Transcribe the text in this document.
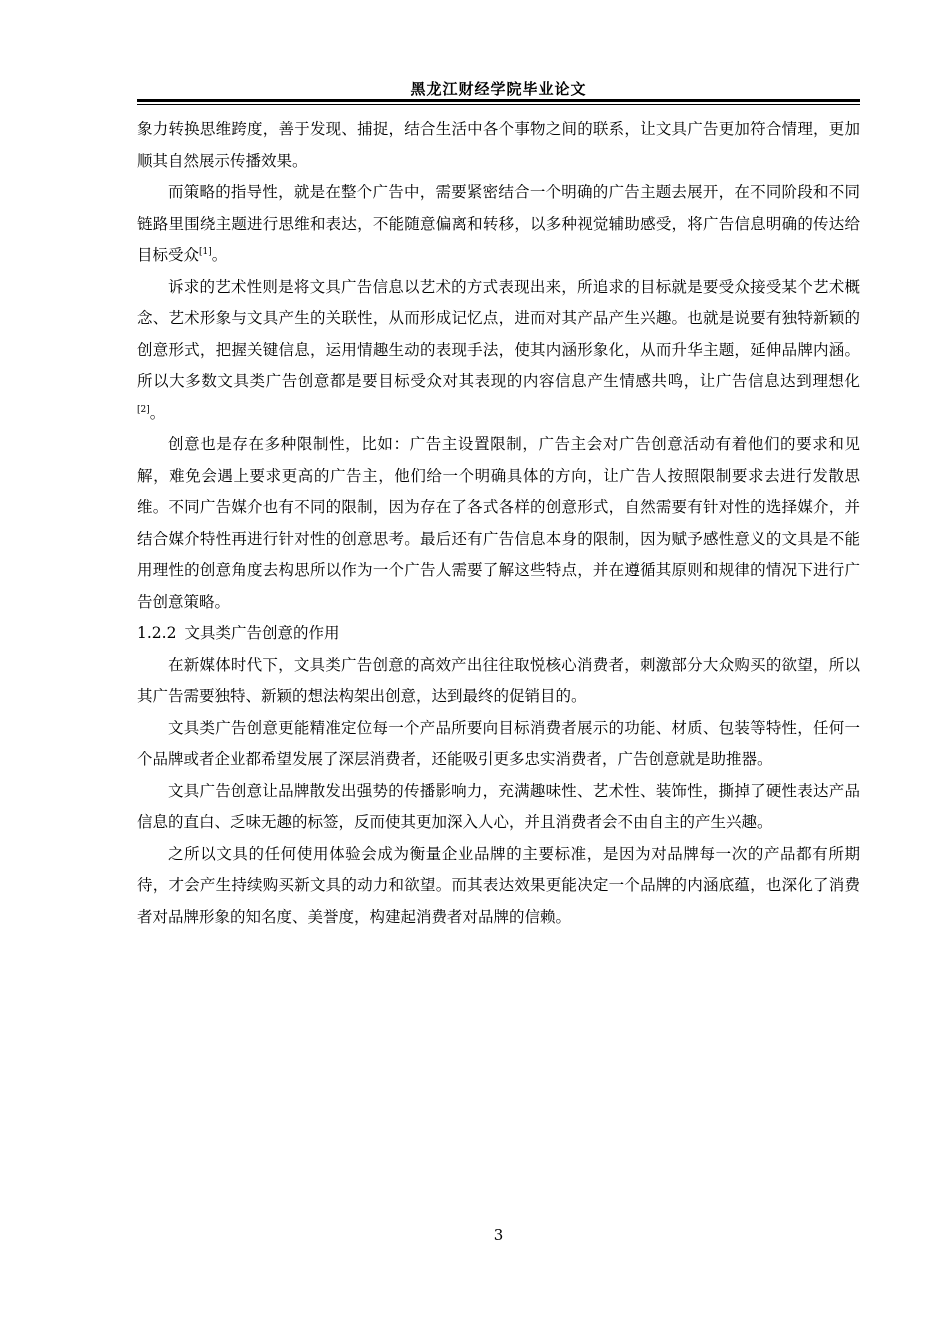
黑龙江财经学院毕业论文

象力转换思维跨度，善于发现、捕捉，结合生活中各个事物之间的联系，让文具广告更加符合情理，更加顺其自然展示传播效果。

而策略的指导性，就是在整个广告中，需要紧密结合一个明确的广告主题去展开，在不同阶段和不同链路里围绕主题进行思维和表达，不能随意偏离和转移，以多种视觉辅助感受，将广告信息明确的传达给目标受众[1]。

诉求的艺术性则是将文具广告信息以艺术的方式表现出来，所追求的目标就是要受众接受某个艺术概念、艺术形象与文具产生的关联性，从而形成记忆点，进而对其产品产生兴趣。也就是说要有独特新颖的创意形式，把握关键信息，运用情趣生动的表现手法，使其内涵形象化，从而升华主题，延伸品牌内涵。所以大多数文具类广告创意都是要目标受众对其表现的内容信息产生情感共鸣，让广告信息达到理想化[2]。

创意也是存在多种限制性，比如：广告主设置限制，广告主会对广告创意活动有着他们的要求和见解，难免会遇上要求更高的广告主，他们给一个明确具体的方向，让广告人按照限制要求去进行发散思维。不同广告媒介也有不同的限制，因为存在了各式各样的创意形式，自然需要有针对性的选择媒介，并结合媒介特性再进行针对性的创意思考。最后还有广告信息本身的限制，因为赋予感性意义的文具是不能用理性的创意角度去构思所以作为一个广告人需要了解这些特点，并在遵循其原则和规律的情况下进行广告创意策略。

1.2.2 文具类广告创意的作用

在新媒体时代下，文具类广告创意的高效产出往往取悦核心消费者，刺激部分大众购买的欲望，所以其广告需要独特、新颖的想法构架出创意，达到最终的促销目的。

文具类广告创意更能精准定位每一个产品所要向目标消费者展示的功能、材质、包装等特性，任何一个品牌或者企业都希望发展了深层消费者，还能吸引更多忠实消费者，广告创意就是助推器。

文具广告创意让品牌散发出强势的传播影响力，充满趣味性、艺术性、装饰性，撕掉了硬性表达产品信息的直白、乏味无趣的标签，反而使其更加深入人心，并且消费者会不由自主的产生兴趣。

之所以文具的任何使用体验会成为衡量企业品牌的主要标准，是因为对品牌每一次的产品都有所期待，才会产生持续购买新文具的动力和欲望。而其表达效果更能决定一个品牌的内涵底蕴，也深化了消费者对品牌形象的知名度、美誉度，构建起消费者对品牌的信赖。

3
